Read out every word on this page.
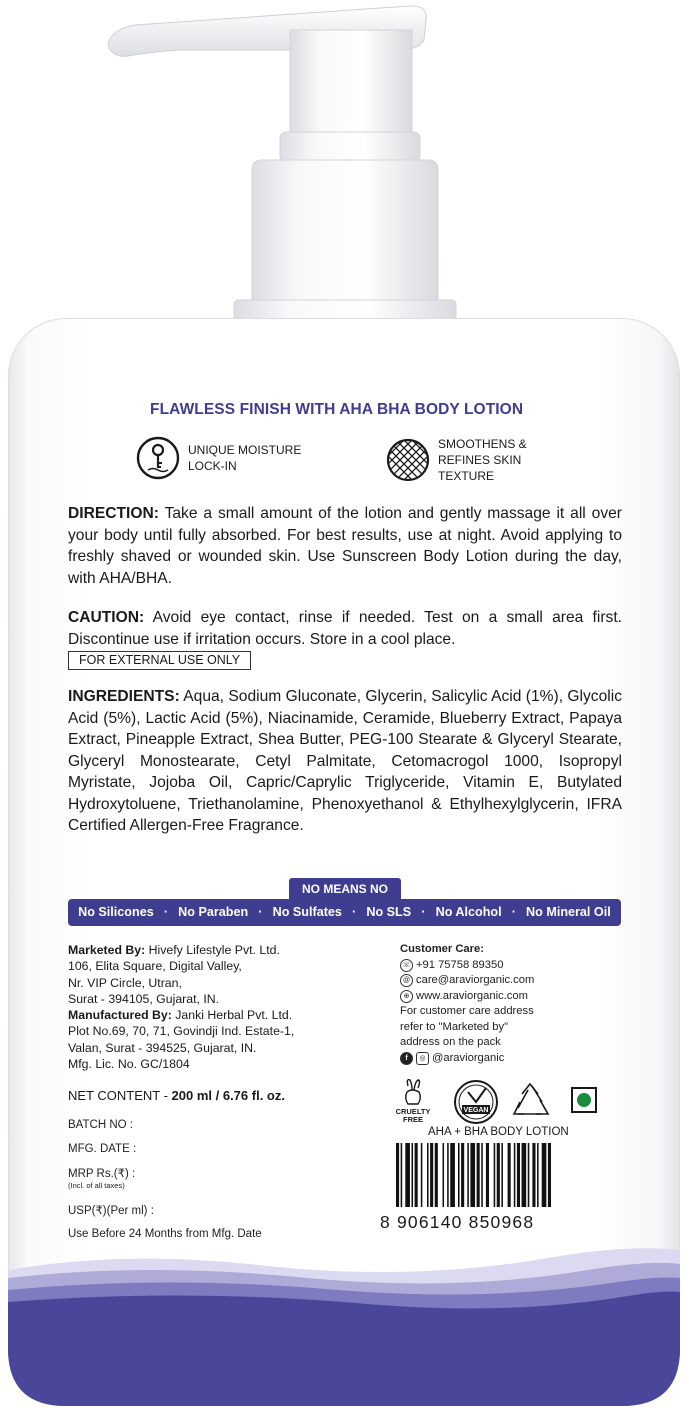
FLAWLESS FINISH WITH AHA BHA BODY LOTION
UNIQUE MOISTURE LOCK-IN
SMOOTHENS & REFINES SKIN TEXTURE
DIRECTION: Take a small amount of the lotion and gently massage it all over your body until fully absorbed. For best results, use at night. Avoid applying to freshly shaved or wounded skin. Use Sunscreen Body Lotion during the day, with AHA/BHA.
CAUTION: Avoid eye contact, rinse if needed. Test on a small area first. Discontinue use if irritation occurs. Store in a cool place.
FOR EXTERNAL USE ONLY
INGREDIENTS: Aqua, Sodium Gluconate, Glycerin, Salicylic Acid (1%), Glycolic Acid (5%), Lactic Acid (5%), Niacinamide, Ceramide, Blueberry Extract, Papaya Extract, Pineapple Extract, Shea Butter, PEG-100 Stearate & Glyceryl Stearate, Glyceryl Monostearate, Cetyl Palmitate, Cetomacrogol 1000, Isopropyl Myristate, Jojoba Oil, Capric/Caprylic Triglyceride, Vitamin E, Butylated Hydroxytoluene, Triethanolamine, Phenoxyethanol & Ethylhexylglycerin, IFRA Certified Allergen-Free Fragrance.
NO MEANS NO
No Silicones · No Paraben · No Sulfates · No SLS · No Alcohol · No Mineral Oil
Marketed By: Hivefy Lifestyle Pvt. Ltd.
106, Elita Square, Digital Valley,
Nr. VIP Circle, Utran,
Surat - 394105, Gujarat, IN.
Manufactured By: Janki Herbal Pvt. Ltd.
Plot No.69, 70, 71, Govindji Ind. Estate-1,
Valan, Surat - 394525, Gujarat, IN.
Mfg. Lic. No. GC/1804
NET CONTENT - 200 ml / 6.76 fl. oz.
BATCH NO :
MFG. DATE :
MRP Rs.(₹) :
(Incl. of all taxes)
USP(₹)(Per ml) :
Use Before 24 Months from Mfg. Date
Customer Care:
☏ +91 75758 89350
@ care@araviorganic.com
⊕ www.araviorganic.com
For customer care address
refer to "Marketed by"
address on the pack
f	◎ @araviorganic
CRUELTY
FREE
VEGAN
AHA + BHA BODY LOTION
8 906140 850968
